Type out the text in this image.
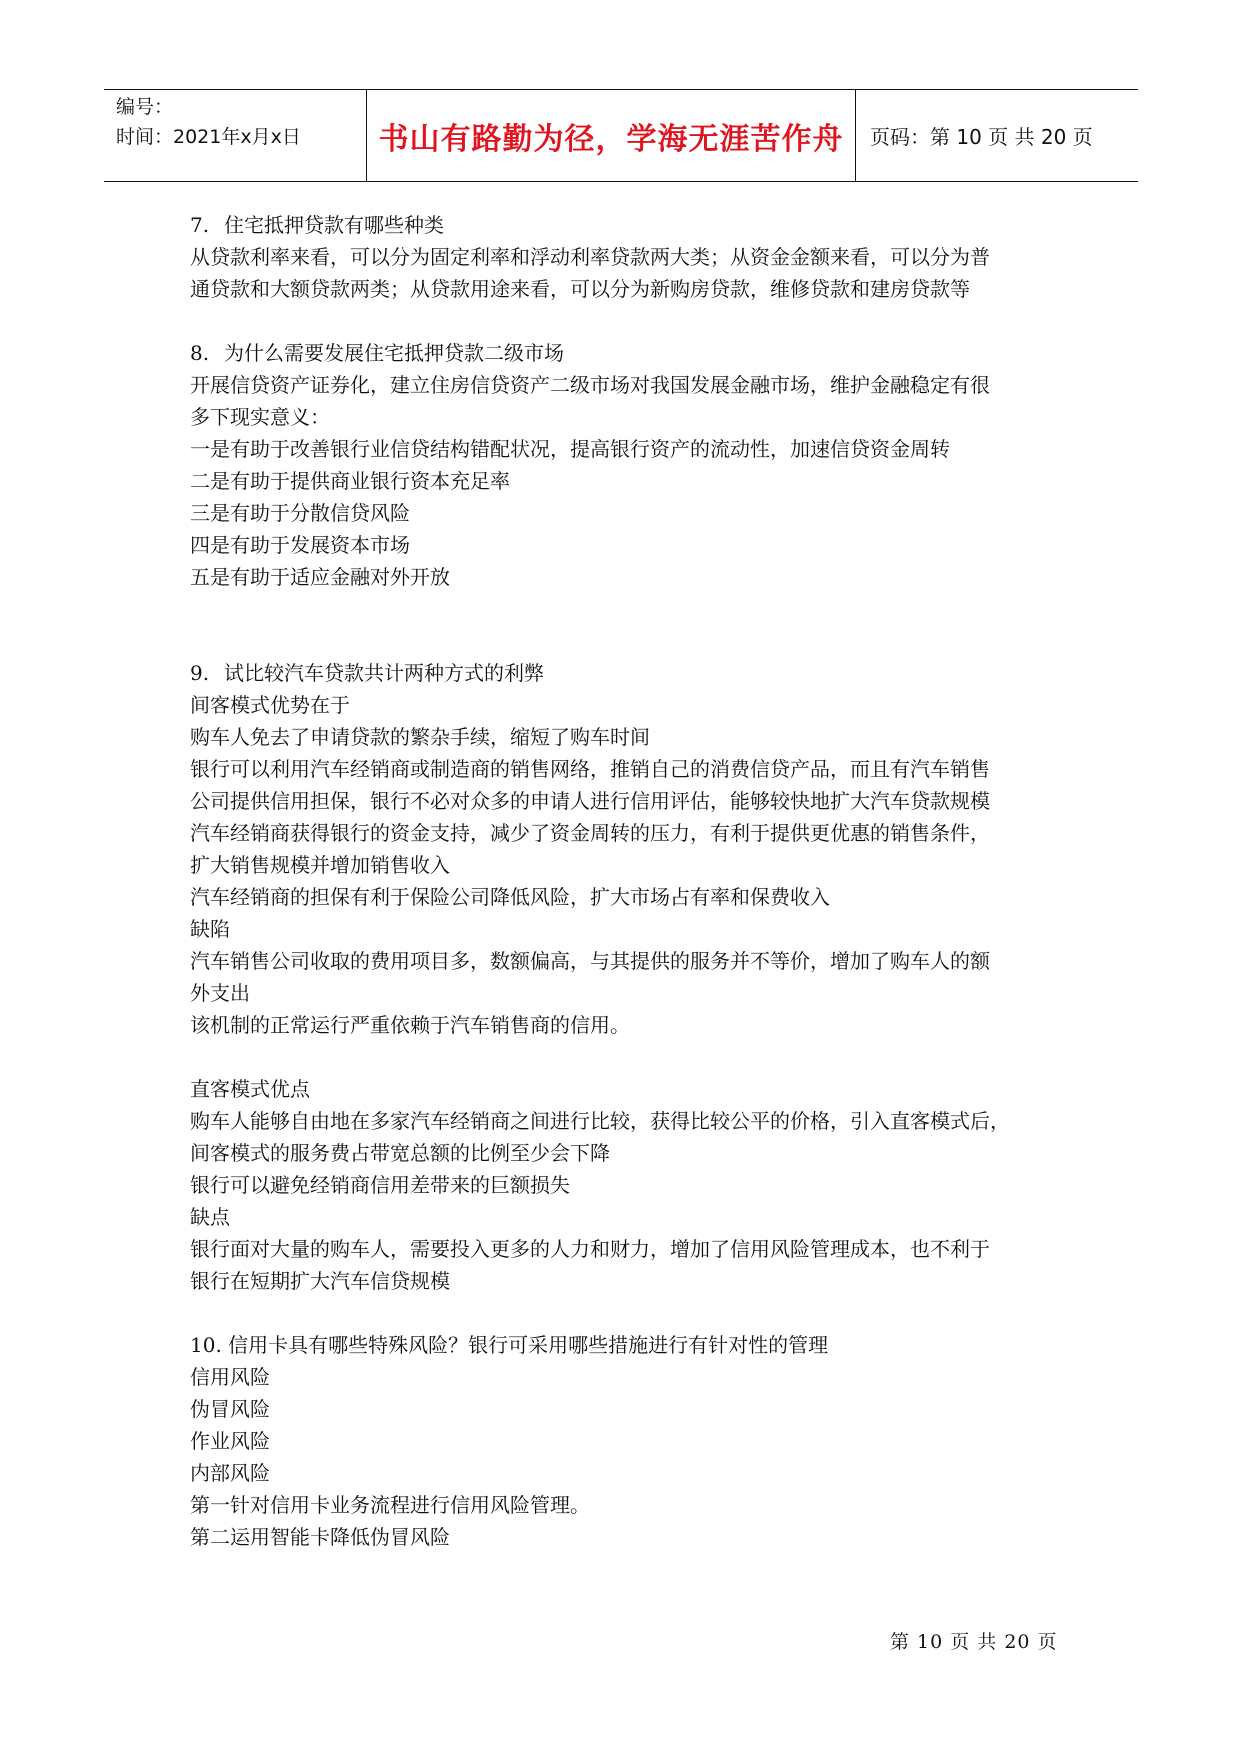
编号：
时间：2021年x月x日	书山有路勤为径，学海无涯苦作舟	页码：第 10 页 共 20 页
7. 住宅抵押贷款有哪些种类
从贷款利率来看，可以分为固定利率和浮动利率贷款两大类；从资金金额来看，可以分为普
通贷款和大额贷款两类；从贷款用途来看，可以分为新购房贷款，维修贷款和建房贷款等
8. 为什么需要发展住宅抵押贷款二级市场
开展信贷资产证券化，建立住房信贷资产二级市场对我国发展金融市场，维护金融稳定有很
多下现实意义：
一是有助于改善银行业信贷结构错配状况，提高银行资产的流动性，加速信贷资金周转
二是有助于提供商业银行资本充足率
三是有助于分散信贷风险
四是有助于发展资本市场
五是有助于适应金融对外开放
9. 试比较汽车贷款共计两种方式的利弊
间客模式优势在于
购车人免去了申请贷款的繁杂手续，缩短了购车时间
银行可以利用汽车经销商或制造商的销售网络，推销自己的消费信贷产品，而且有汽车销售
公司提供信用担保，银行不必对众多的申请人进行信用评估，能够较快地扩大汽车贷款规模
汽车经销商获得银行的资金支持，减少了资金周转的压力，有利于提供更优惠的销售条件，
扩大销售规模并增加销售收入
汽车经销商的担保有利于保险公司降低风险，扩大市场占有率和保费收入
缺陷
汽车销售公司收取的费用项目多，数额偏高，与其提供的服务并不等价，增加了购车人的额
外支出
该机制的正常运行严重依赖于汽车销售商的信用。
直客模式优点
购车人能够自由地在多家汽车经销商之间进行比较，获得比较公平的价格，引入直客模式后，
间客模式的服务费占带宽总额的比例至少会下降
银行可以避免经销商信用差带来的巨额损失
缺点
银行面对大量的购车人，需要投入更多的人力和财力，增加了信用风险管理成本，也不利于
银行在短期扩大汽车信贷规模
10. 信用卡具有哪些特殊风险？银行可采用哪些措施进行有针对性的管理
信用风险
伪冒风险
作业风险
内部风险
第一针对信用卡业务流程进行信用风险管理。
第二运用智能卡降低伪冒风险
第 10 页 共 20 页
